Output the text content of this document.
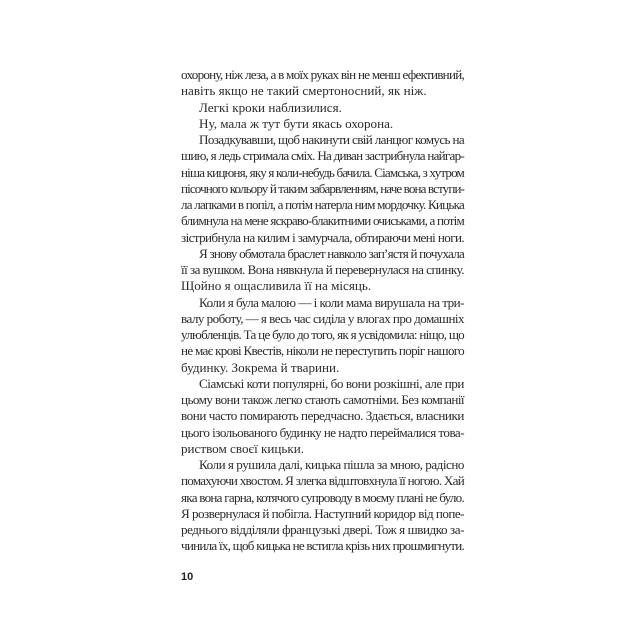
охорону, ніж леза, а в моїх руках він не менш ефективний,
навіть якщо не такий смертоносний, як ніж.
Легкі кроки наблизилися.
Ну, мала ж тут бути якась охорона.
Позадкувавши, щоб накинути свій ланцюг комусь на
шию, я ледь стримала сміх. На диван застрибнула найгар-
ніша кицюня, яку я коли-небудь бачила. Сіамська, з хутром
пісочного кольору й таким забарвленням, наче вона вступи-
ла лапками в попіл, а потім натерла ним мордочку. Кицька
блимнула на мене яскраво-блакитними очиськами, а потім
зістрибнула на килим і замурчала, обтираючи мені ноги.
Я знову обмотала браслет навколо зап’ястя й почухала
її за вушком. Вона нявкнула й перевернулася на спинку.
Щойно я ощасливила її на місяць.
Коли я була малою — і коли мама вирушала на три-
валу роботу, — я весь час сиділа у влогах про домашніх
улюбленців. Та це було до того, як я усвідомила: ніщо, що
не має крові Квестів, ніколи не переступить поріг нашого
будинку. Зокрема й тварини.
Сіамські коти популярні, бо вони розкішні, але при
цьому вони також легко стають самотніми. Без компанії
вони часто помирають передчасно. Здається, власники
цього ізольованого будинку не надто переймалися това-
риством своєї кицьки.
Коли я рушила далі, кицька пішла за мною, радісно
помахуючи хвостом. Я злегка відштовхнула її ногою. Хай
яка вона гарна, котячого супроводу в моєму плані не було.
Я розвернулася й побігла. Наступний коридор від попе-
реднього відділяли французькі двері. Тож я швидко за-
чинила їх, щоб кицька не встигла крізь них прошмигнути.
10
